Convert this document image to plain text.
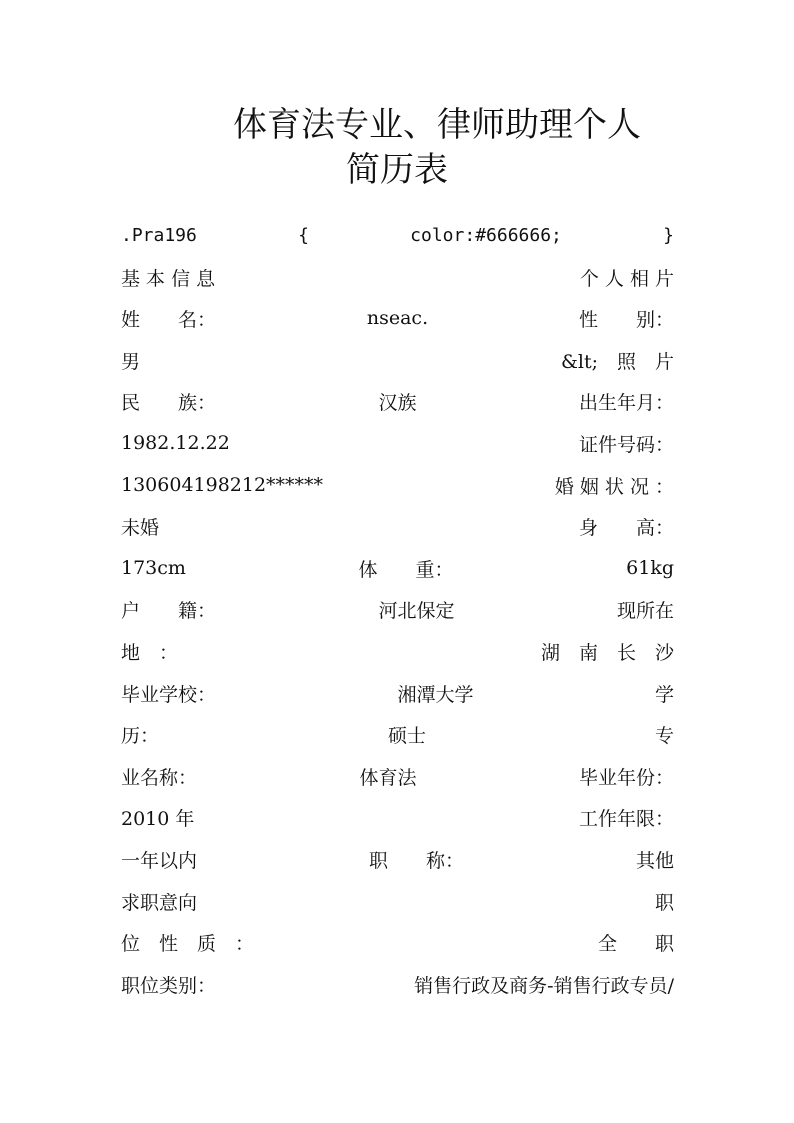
体育法专业、律师助理个人
简历表
.Pra196	{	color:#666666;	}
基 本 信 息	个 人 相 片
姓　　名：	nseac.	性　　别：
男	&lt;　照　片
民　　族：	汉族	出生年月：
1982.12.22	证件号码：
130604198212******	婚 姻 状 况 ：
未婚	身　　高：
173cm	体　　重：	61kg
户　　籍：	河北保定	现所在
地　：	湖　南　长　沙
毕业学校：	湘潭大学	学
历：	硕士	专
业名称：	体育法	毕业年份：
2010 年	工作年限：
一年以内	职　　称：	其他
求职意向	职
位　性　质　：	全　　职
职位类别：	销售行政及商务-销售行政专员/
